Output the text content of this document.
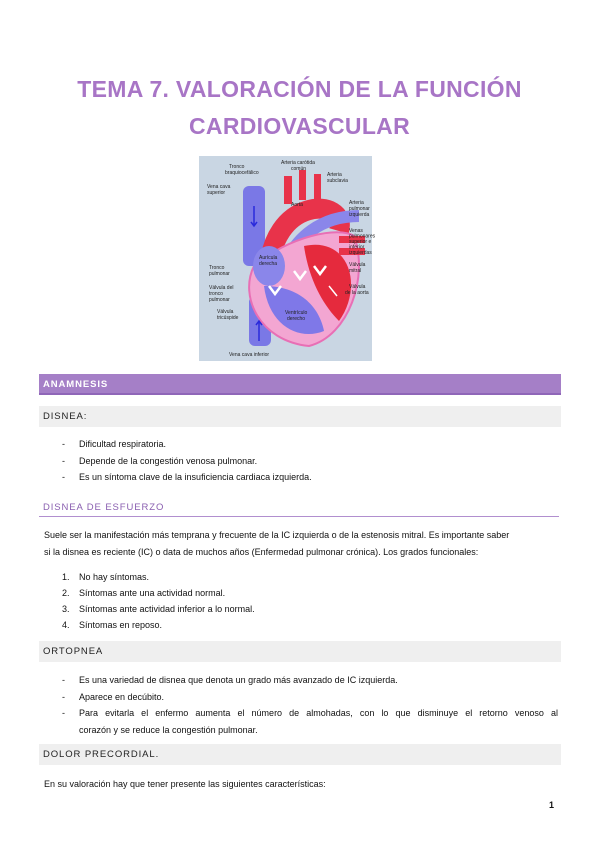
TEMA 7. VALORACIÓN DE LA FUNCIÓN
CARDIOVASCULAR
Tronco braquiocefálico
Arteria carótida común
Arteria subclavia
Vena cava superior
Aorta	Arteria pulmonar izquierda
Venas pulmonares superior e inferior izquierdas
Aurícula derecha	Válvula mitral
Tronco pulmonar
Válvula del tronco pulmonar
Válvula de la aorta
Válvula tricúspide
Ventrículo derecho
Vena cava inferior
ANAMNESIS
DISNEA:
- Dificultad respiratoria.
- Depende de la congestión venosa pulmonar.
- Es un síntoma clave de la insuficiencia cardiaca izquierda.
DISNEA DE ESFUERZO
Suele ser la manifestación más temprana y frecuente de la IC izquierda o de la estenosis mitral. Es importante saber
si la disnea es reciente (IC) o data de muchos años (Enfermedad pulmonar crónica). Los grados funcionales:
1. No hay síntomas.
2. Síntomas ante una actividad normal.
3. Síntomas ante actividad inferior a lo normal.
4. Síntomas en reposo.
ORTOPNEA
- Es una variedad de disnea que denota un grado más avanzado de IC izquierda.
- Aparece en decúbito.
- Para evitarla el enfermo aumenta el número de almohadas, con lo que disminuye el retorno venoso al
corazón y se reduce la congestión pulmonar.
DOLOR PRECORDIAL.
En su valoración hay que tener presente las siguientes características:
1
